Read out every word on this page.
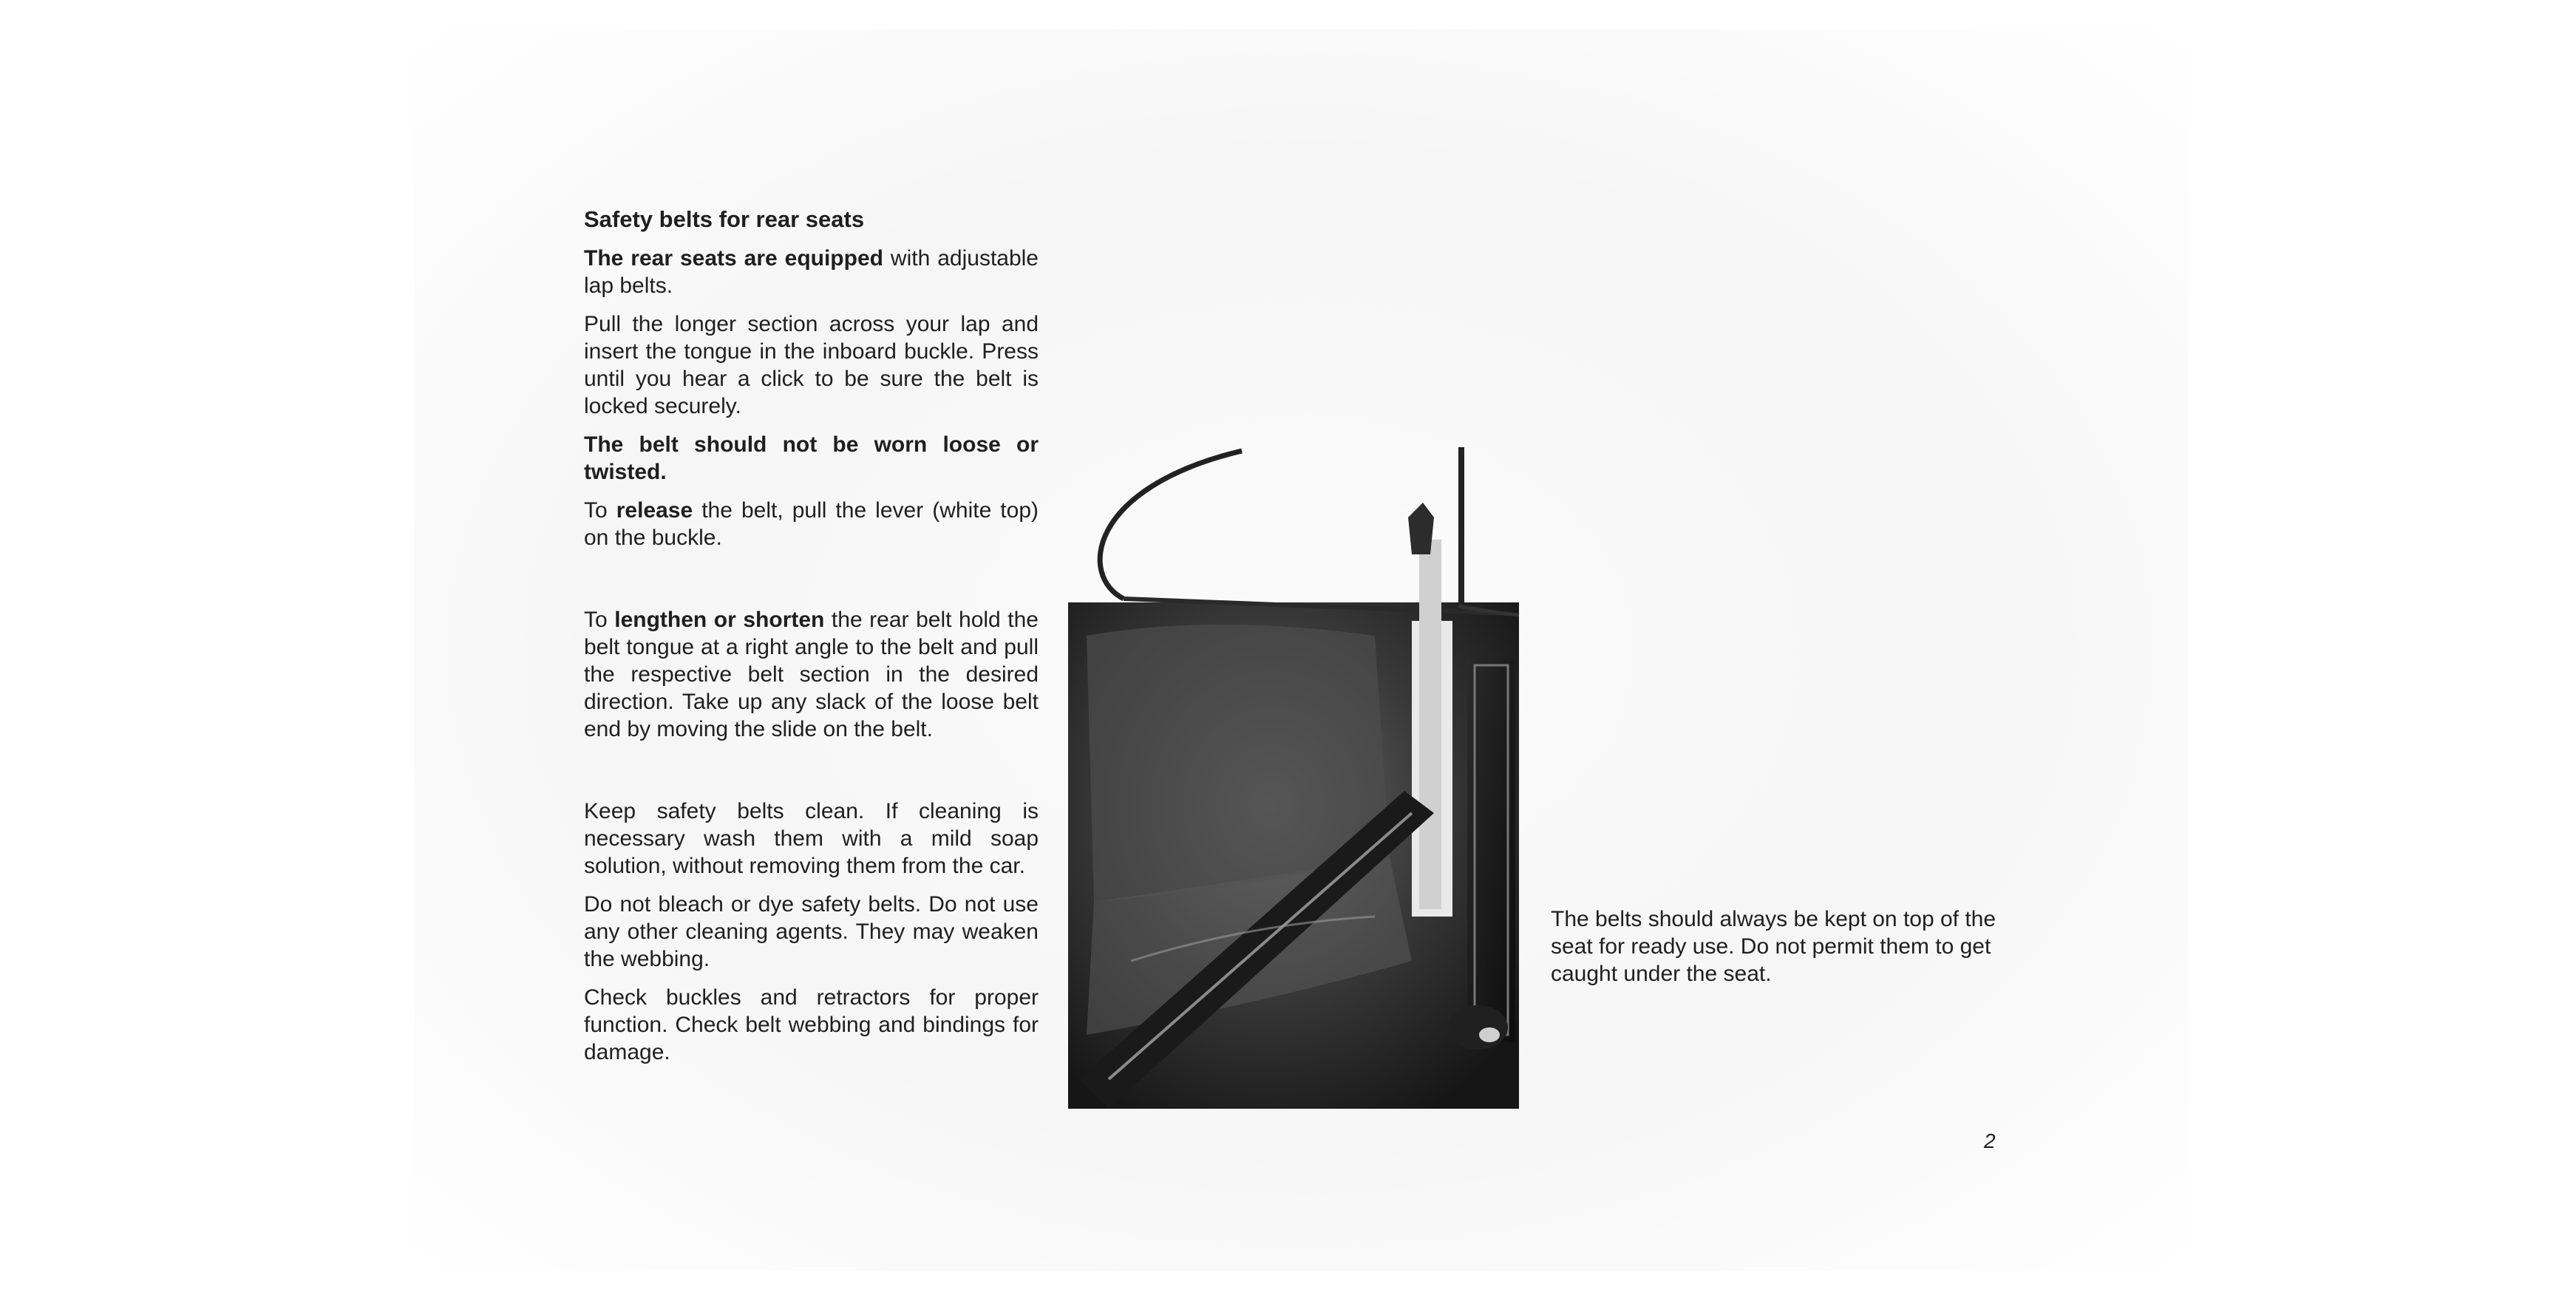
Safety belts for rear seats

The rear seats are equipped with adjustable lap belts.

Pull the longer section across your lap and insert the tongue in the inboard buckle. Press until you hear a click to be sure the belt is locked securely.

The belt should not be worn loose or twisted.

To release the belt, pull the lever (white top) on the buckle.

To lengthen or shorten the rear belt hold the belt tongue at a right angle to the belt and pull the respective belt section in the desired direction. Take up any slack of the loose belt end by moving the slide on the belt.

Keep safety belts clean. If cleaning is necessary wash them with a mild soap solution, without removing them from the car.

Do not bleach or dye safety belts. Do not use any other cleaning agents. They may weaken the webbing.

Check buckles and retractors for proper function. Check belt webbing and bindings for damage.

The belts should always be kept on top of the seat for ready use. Do not permit them to get caught under the seat.
2
